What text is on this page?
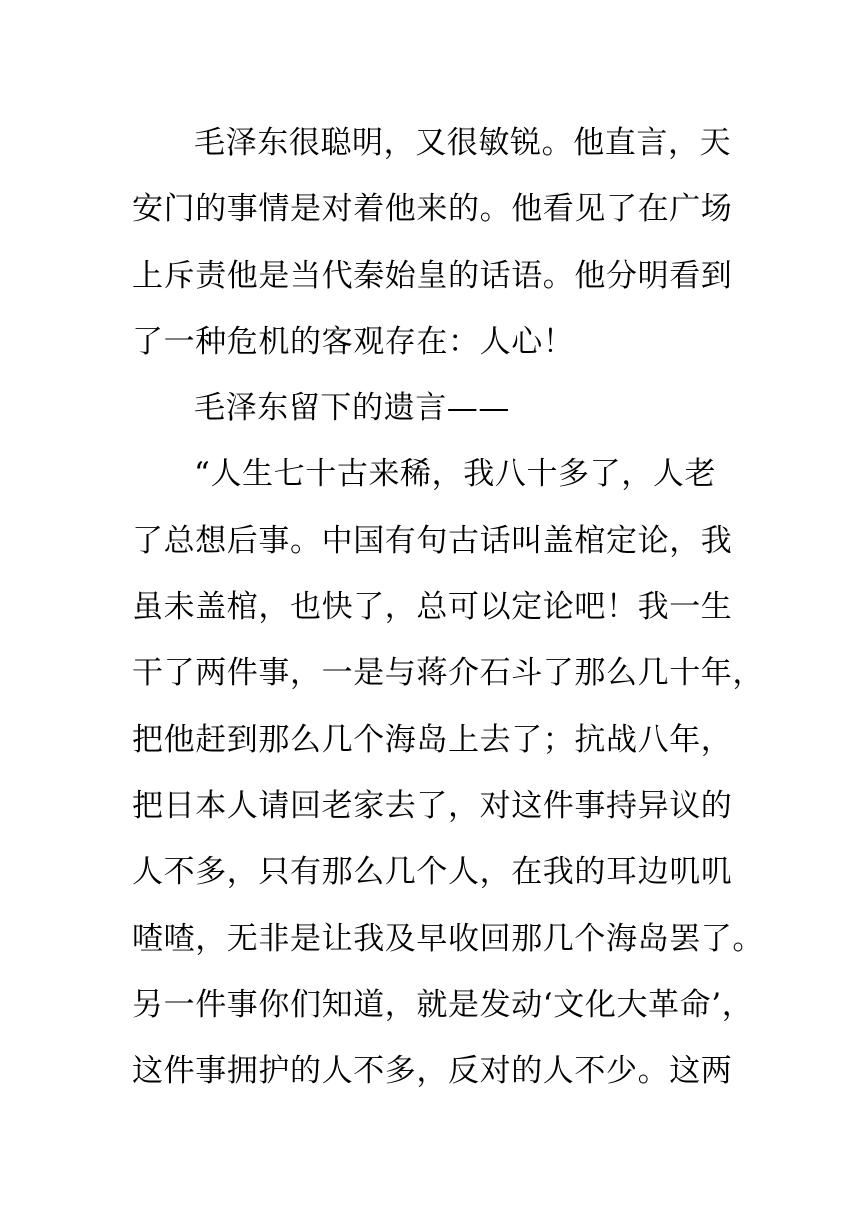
毛泽东很聪明，又很敏锐。他直言，天
安门的事情是对着他来的。他看见了在广场
上斥责他是当代秦始皇的话语。他分明看到
了一种危机的客观存在：人心！
毛泽东留下的遗言——
“人生七十古来稀，我八十多了，人老
了总想后事。中国有句古话叫盖棺定论，我
虽未盖棺，也快了，总可以定论吧！我一生
干了两件事，一是与蒋介石斗了那么几十年，
把他赶到那么几个海岛上去了；抗战八年，
把日本人请回老家去了，对这件事持异议的
人不多，只有那么几个人，在我的耳边叽叽
喳喳，无非是让我及早收回那几个海岛罢了。
另一件事你们知道，就是发动‘文化大革命’，
这件事拥护的人不多，反对的人不少。这两
